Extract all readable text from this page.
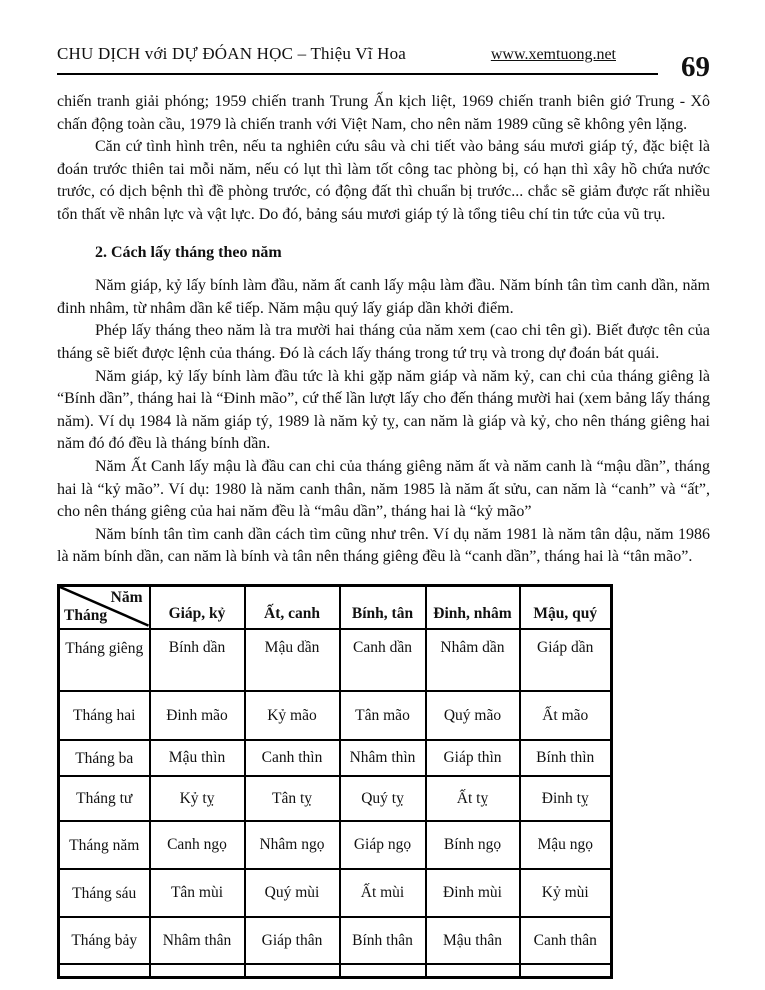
CHU DỊCH với DỰ ĐÓAN HỌC – Thiệu Vĩ Hoa	www.xemtuong.net	69

chiến tranh giải phóng; 1959 chiến tranh Trung Ấn kịch liệt, 1969 chiến tranh biên giớ Trung - Xô chấn động toàn cầu, 1979 là chiến tranh với Việt Nam, cho nên năm 1989 cũng sẽ không yên lặng.

Căn cứ tình hình trên, nếu ta nghiên cứu sâu và chi tiết vào bảng sáu mươi giáp tý, đặc biệt là đoán trước thiên tai mỗi năm, nếu có lụt thì làm tốt công tac phòng bị, có hạn thì xây hồ chứa nước trước, có dịch bệnh thì đề phòng trước, có động đất thì chuẩn bị trước... chắc sẽ giảm được rất nhiều tổn thất về nhân lực và vật lực. Do đó, bảng sáu mươi giáp tý là tổng tiêu chí tin tức của vũ trụ.

2. Cách lấy tháng theo năm

Năm giáp, kỷ lấy bính làm đầu, năm ất canh lấy mậu làm đầu. Năm bính tân tìm canh dần, năm đinh nhâm, từ nhâm dần kể tiếp. Năm mậu quý lấy giáp dần khởi điểm.

Phép lấy tháng theo năm là tra mười hai tháng của năm xem (cao chi tên gì). Biết được tên của tháng sẽ biết được lệnh của tháng. Đó là cách lấy tháng trong tứ trụ và trong dự đoán bát quái.

Năm giáp, kỷ lấy bính làm đầu tức là khi gặp năm giáp và năm kỷ, can chi của tháng giêng là “Bính dần”, tháng hai là “Đinh mão”, cứ thế lần lượt lấy cho đến tháng mười hai (xem bảng lấy tháng năm). Ví dụ 1984 là năm giáp tý, 1989 là năm kỷ tỵ, can năm là giáp và kỷ, cho nên tháng giêng hai năm đó đó đều là tháng bính dần.

Năm Ất Canh lấy mậu là đầu can chi của tháng giêng năm ất và năm canh là “mậu dần”, tháng hai là “kỷ mão”. Ví dụ: 1980 là năm canh thân, năm 1985 là năm ất sửu, can năm là “canh” và “ất”, cho nên tháng giêng của hai năm đều là “mâu dần”, tháng hai là “kỷ mão”

Năm bính tân tìm canh dần cách tìm cũng như trên. Ví dụ năm 1981 là năm tân dậu, năm 1986 là năm bính dần, can năm là bính và tân nên tháng giêng đều là “canh dần”, tháng hai là “tân mão”.

Năm
Tháng	Giáp, kỷ	Ất, canh	Bính, tân	Đinh, nhâm	Mậu, quý
Tháng giêng	Bính dần	Mậu dần	Canh dần	Nhâm dần	Giáp dần
Tháng hai	Đinh mão	Kỷ mão	Tân mão	Quý mão	Ất mão
Tháng ba	Mậu thìn	Canh thìn	Nhâm thìn	Giáp thìn	Bính thìn
Tháng tư	Kỷ tỵ	Tân tỵ	Quý tỵ	Ất tỵ	Đinh tỵ
Tháng năm	Canh ngọ	Nhâm ngọ	Giáp ngọ	Bính ngọ	Mậu ngọ
Tháng sáu	Tân mùi	Quý mùi	Ất mùi	Đinh mùi	Kỷ mùi
Tháng bảy	Nhâm thân	Giáp thân	Bính thân	Mậu thân	Canh thân
